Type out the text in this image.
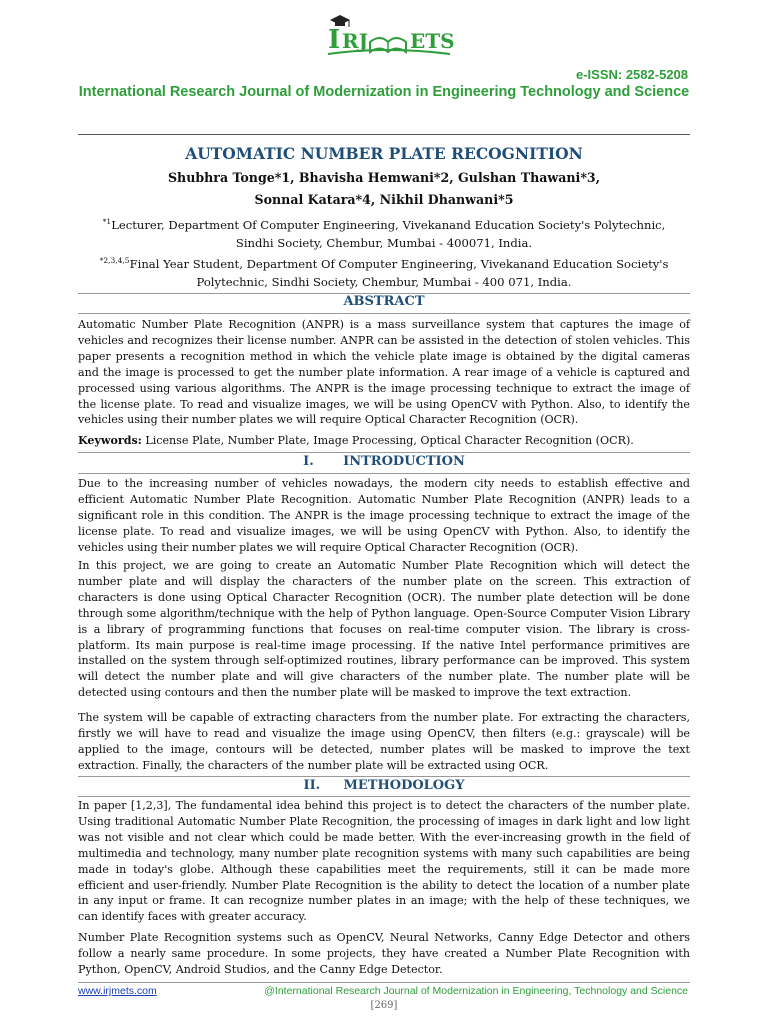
I RJ ETS
e-ISSN: 2582-5208
International Research Journal of Modernization in Engineering Technology and Science
AUTOMATIC NUMBER PLATE RECOGNITION
Shubhra Tonge*1, Bhavisha Hemwani*2, Gulshan Thawani*3,
Sonnal Katara*4, Nikhil Dhanwani*5
$^{*1}$Lecturer, Department Of Computer Engineering, Vivekanand Education Society's Polytechnic,
Sindhi Society, Chembur, Mumbai - 400071, India.
$^{*2,3,4,5}$Final Year Student, Department Of Computer Engineering, Vivekanand Education Society's
Polytechnic, Sindhi Society, Chembur, Mumbai - 400 071, India.
ABSTRACT

Automatic Number Plate Recognition (ANPR) is a mass surveillance system that captures the image of vehicles and recognizes their license number. ANPR can be assisted in the detection of stolen vehicles. This paper presents a recognition method in which the vehicle plate image is obtained by the digital cameras and the image is processed to get the number plate information. A rear image of a vehicle is captured and processed using various algorithms. The ANPR is the image processing technique to extract the image of the license plate. To read and visualize images, we will be using OpenCV with Python. Also, to identify the vehicles using their number plates we will require Optical Character Recognition (OCR).

Keywords: License Plate, Number Plate, Image Processing, Optical Character Recognition (OCR).

I. INTRODUCTION

Due to the increasing number of vehicles nowadays, the modern city needs to establish effective and efficient Automatic Number Plate Recognition. Automatic Number Plate Recognition (ANPR) leads to a significant role in this condition. The ANPR is the image processing technique to extract the image of the license plate. To read and visualize images, we will be using OpenCV with Python. Also, to identify the vehicles using their number plates we will require Optical Character Recognition (OCR).

In this project, we are going to create an Automatic Number Plate Recognition which will detect the number plate and will display the characters of the number plate on the screen. This extraction of characters is done using Optical Character Recognition (OCR). The number plate detection will be done through some algorithm/technique with the help of Python language. Open-Source Computer Vision Library is a library of programming functions that focuses on real-time computer vision. The library is cross-platform. Its main purpose is real-time image processing. If the native Intel performance primitives are installed on the system through self-optimized routines, library performance can be improved. This system will detect the number plate and will give characters of the number plate. The number plate will be detected using contours and then the number plate will be masked to improve the text extraction.

The system will be capable of extracting characters from the number plate. For extracting the characters, firstly we will have to read and visualize the image using OpenCV, then filters (e.g.: grayscale) will be applied to the image, contours will be detected, number plates will be masked to improve the text extraction. Finally, the characters of the number plate will be extracted using OCR.

II. METHODOLOGY

In paper [1,2,3], The fundamental idea behind this project is to detect the characters of the number plate. Using traditional Automatic Number Plate Recognition, the processing of images in dark light and low light was not visible and not clear which could be made better. With the ever-increasing growth in the field of multimedia and technology, many number plate recognition systems with many such capabilities are being made in today's globe. Although these capabilities meet the requirements, still it can be made more efficient and user-friendly. Number Plate Recognition is the ability to detect the location of a number plate in any input or frame. It can recognize number plates in an image; with the help of these techniques, we can identify faces with greater accuracy.

Number Plate Recognition systems such as OpenCV, Neural Networks, Canny Edge Detector and others follow a nearly same procedure. In some projects, they have created a Number Plate Recognition with Python, OpenCV, Android Studios, and the Canny Edge Detector.

www.irjmets.com	@International Research Journal of Modernization in Engineering, Technology and Science
[269]
